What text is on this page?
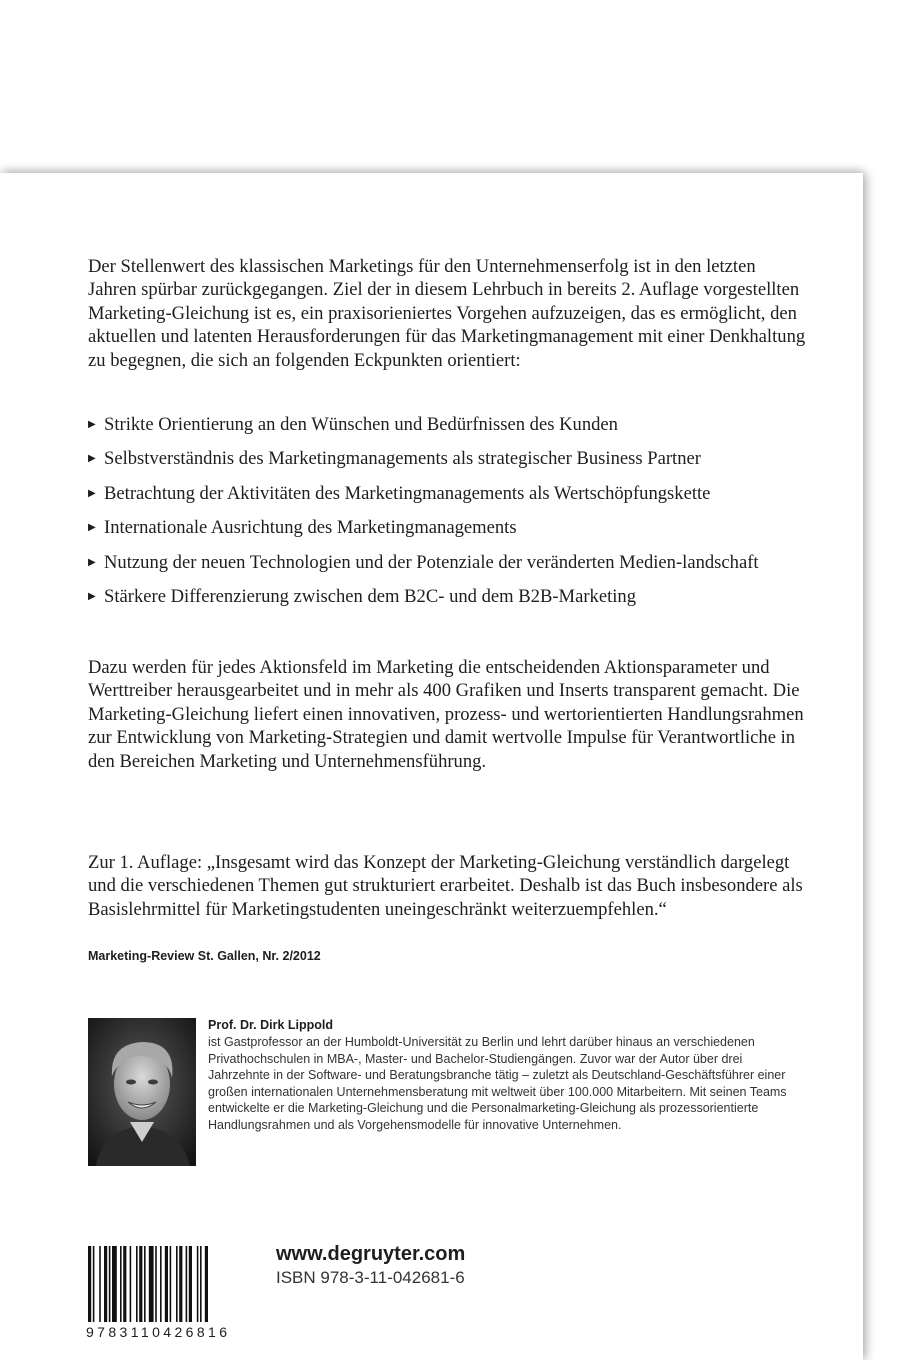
Der Stellenwert des klassischen Marketings für den Unternehmenserfolg ist in den letzten Jahren spürbar zurückgegangen. Ziel der in diesem Lehrbuch in bereits 2. Auflage vorgestellten Marketing-Gleichung ist es, ein praxisorieniertes Vorgehen aufzuzeigen, das es ermöglicht, den aktuellen und latenten Herausforderungen für das Marketingmanagement mit einer Denkhaltung zu begegnen, die sich an folgenden Eckpunkten orientiert:

▶ Strikte Orientierung an den Wünschen und Bedürfnissen des Kunden
▶ Selbstverständnis des Marketingmanagements als strategischer Business Partner
▶ Betrachtung der Aktivitäten des Marketingmanagements als Wertschöpfungskette
▶ Internationale Ausrichtung des Marketingmanagements
▶ Nutzung der neuen Technologien und der Potenziale der veränderten Medien-landschaft
▶ Stärkere Differenzierung zwischen dem B2C- und dem B2B-Marketing

Dazu werden für jedes Aktionsfeld im Marketing die entscheidenden Aktionsparameter und Werttreiber herausgearbeitet und in mehr als 400 Grafiken und Inserts transparent gemacht. Die Marketing-Gleichung liefert einen innovativen, prozess- und wertorientierten Handlungsrahmen zur Entwicklung von Marketing-Strategien und damit wertvolle Impulse für Verantwortliche in den Bereichen Marketing und Unternehmensführung.

Zur 1. Auflage: „Insgesamt wird das Konzept der Marketing-Gleichung verständlich dargelegt und die verschiedenen Themen gut strukturiert erarbeitet. Deshalb ist das Buch insbesondere als Basislehrmittel für Marketingstudenten uneingeschränkt weiterzuempfehlen.“

Marketing-Review St. Gallen, Nr. 2/2012
Prof. Dr. Dirk Lippold

ist Gastprofessor an der Humboldt-Universität zu Berlin und lehrt darüber hinaus an verschiedenen Privathochschulen in MBA-, Master- und Bachelor-Studiengängen. Zuvor war der Autor über drei Jahrzehnte in der Software- und Beratungsbranche tätig – zuletzt als Deutschland-Geschäftsführer einer großen internationalen Unternehmensberatung mit weltweit über 100.000 Mitarbeitern. Mit seinen Teams entwickelte er die Marketing-Gleichung und die Personalmarketing-Gleichung als prozessorientierte Handlungsrahmen und als Vorgehensmodelle für innovative Unternehmen.

9783110426816
www.degruyter.com
ISBN 978-3-11-042681-6
